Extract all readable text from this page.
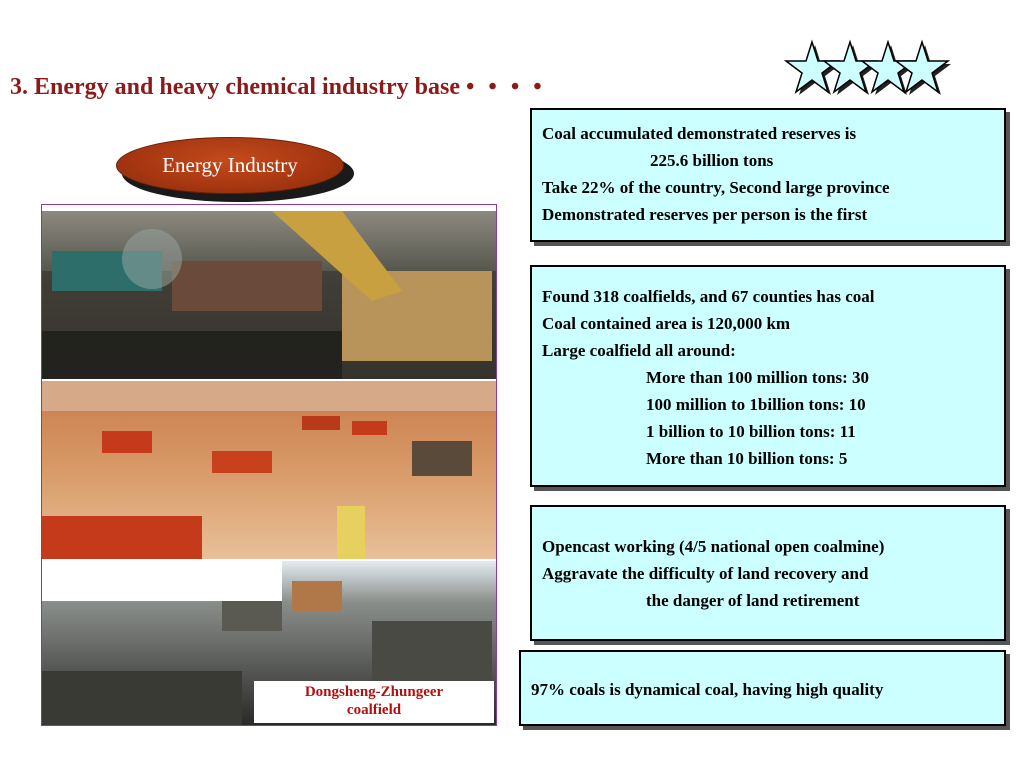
3. Energy and heavy chemical industry base • • • •
Energy Industry
Dongsheng-Zhungeer
coalfield
Coal accumulated demonstrated reserves is
225.6 billion tons
Take 22% of the country, Second large province
Demonstrated reserves per person is the first
Found 318 coalfields, and 67 counties has coal
Coal contained area is 120,000 km
Large coalfield all around:
More than 100 million tons: 30
100 million to 1billion tons: 10
1 billion to 10 billion tons: 11
More than 10 billion tons: 5
Opencast working (4/5 national open coalmine)
Aggravate the difficulty of land recovery and
the danger of land retirement
97% coals is dynamical coal, having high quality
